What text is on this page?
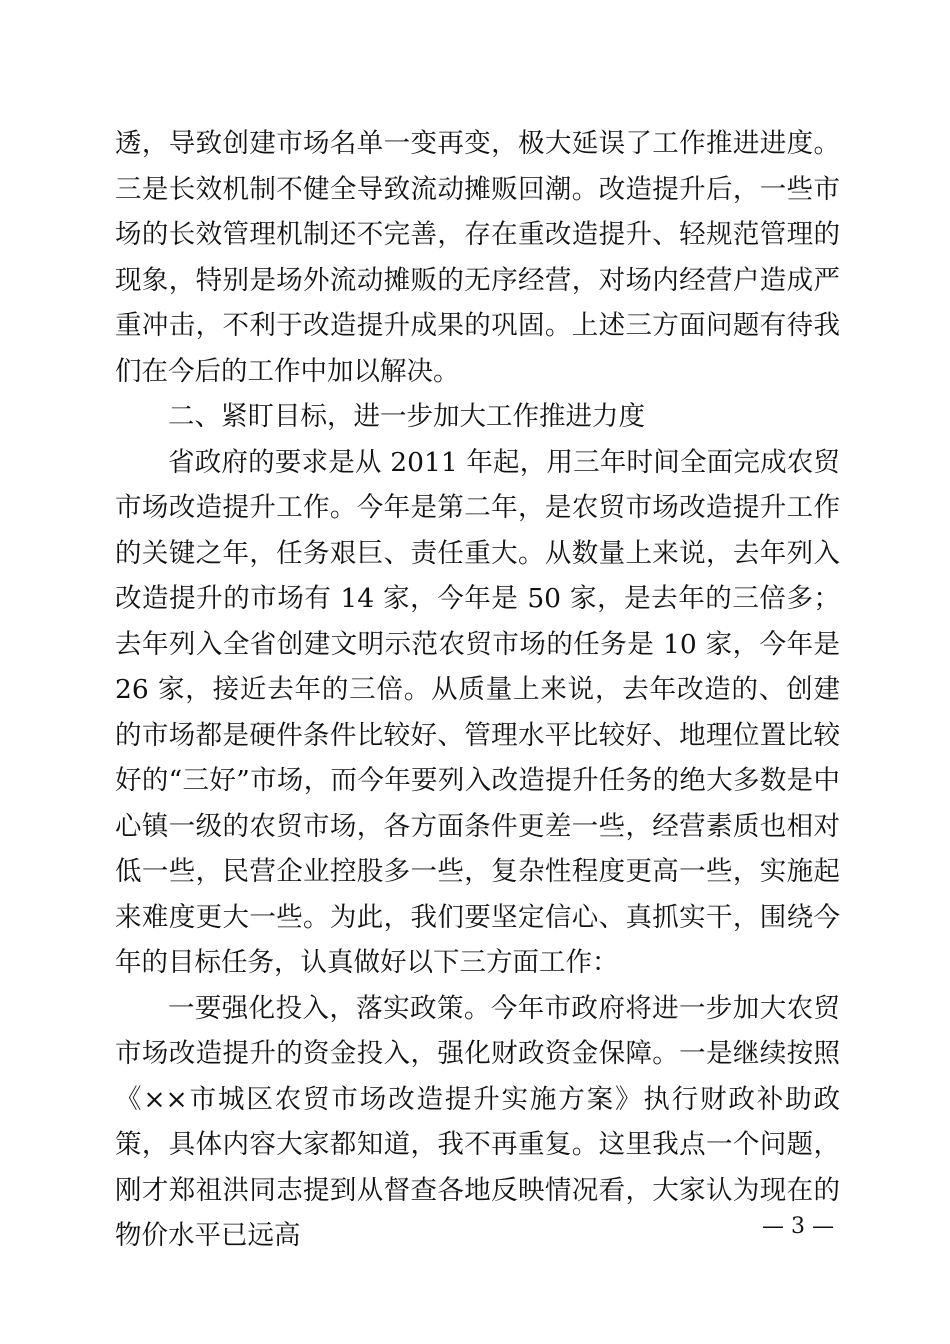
透，导致创建市场名单一变再变，极大延误了工作推进进度。三是长效机制不健全导致流动摊贩回潮。改造提升后，一些市场的长效管理机制还不完善，存在重改造提升、轻规范管理的现象，特别是场外流动摊贩的无序经营，对场内经营户造成严重冲击，不利于改造提升成果的巩固。上述三方面问题有待我们在今后的工作中加以解决。

二、紧盯目标，进一步加大工作推进力度

省政府的要求是从 2011 年起，用三年时间全面完成农贸市场改造提升工作。今年是第二年，是农贸市场改造提升工作的关键之年，任务艰巨、责任重大。从数量上来说，去年列入改造提升的市场有 14 家，今年是 50 家，是去年的三倍多；去年列入全省创建文明示范农贸市场的任务是 10 家，今年是 26 家，接近去年的三倍。从质量上来说，去年改造的、创建的市场都是硬件条件比较好、管理水平比较好、地理位置比较好的“三好”市场，而今年要列入改造提升任务的绝大多数是中心镇一级的农贸市场，各方面条件更差一些，经营素质也相对低一些，民营企业控股多一些，复杂性程度更高一些，实施起来难度更大一些。为此，我们要坚定信心、真抓实干，围绕今年的目标任务，认真做好以下三方面工作：

一要强化投入，落实政策。今年市政府将进一步加大农贸市场改造提升的资金投入，强化财政资金保障。一是继续按照《××市城区农贸市场改造提升实施方案》执行财政补助政策，具体内容大家都知道，我不再重复。这里我点一个问题，刚才郑祖洪同志提到从督查各地反映情况看，大家认为现在的物价水平已远高	— 3 —
